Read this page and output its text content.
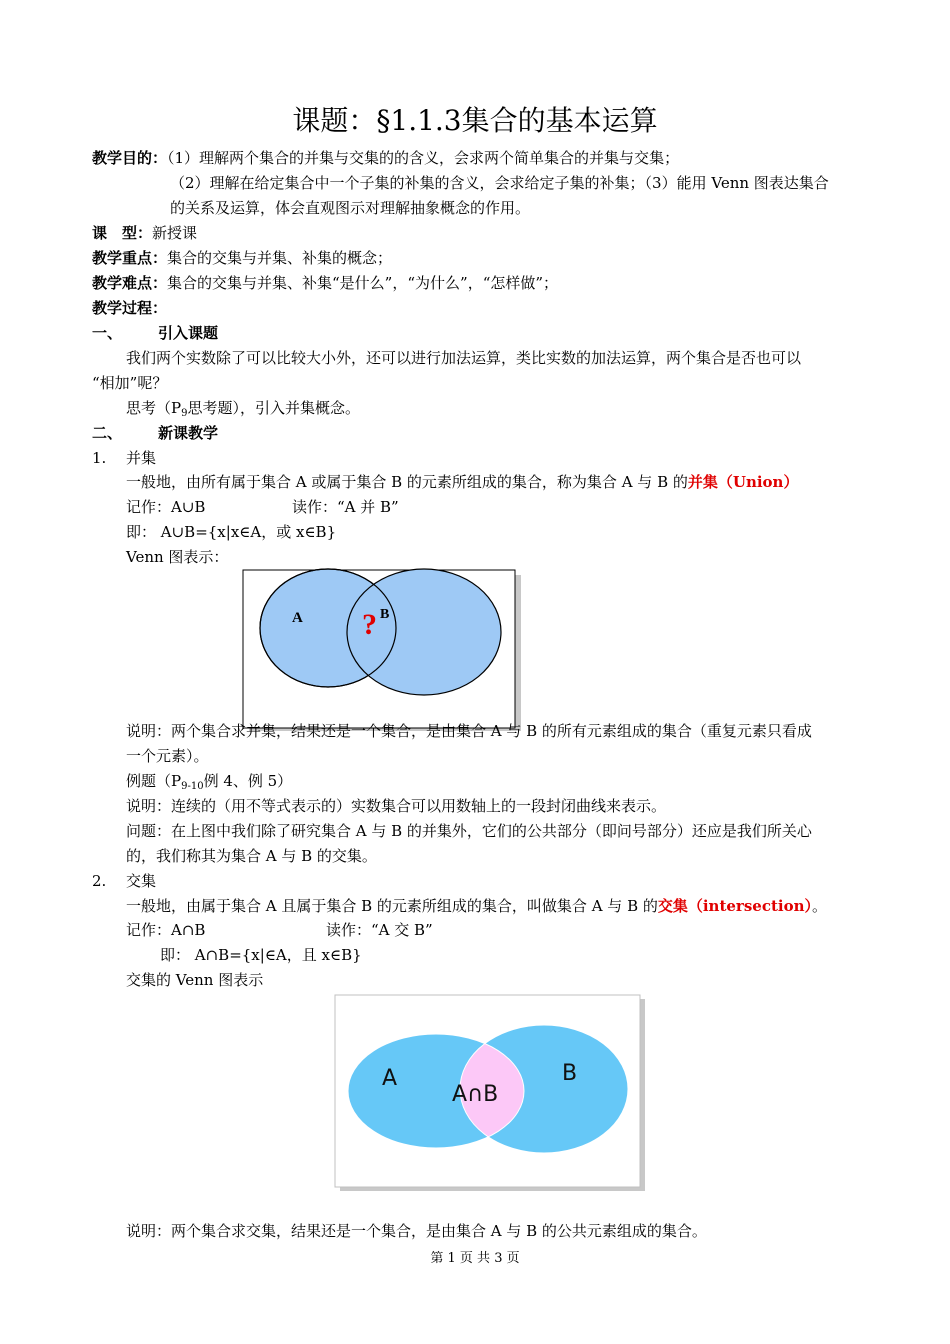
课题：§1.1.3集合的基本运算
教学目的：（1）理解两个集合的并集与交集的的含义，会求两个简单集合的并集与交集；
（2）理解在给定集合中一个子集的补集的含义，会求给定子集的补集；（3）能用 Venn 图表达集合
的关系及运算，体会直观图示对理解抽象概念的作用。
课　型：新授课
教学重点：集合的交集与并集、补集的概念；
教学难点：集合的交集与并集、补集“是什么”，“为什么”，“怎样做”；
教学过程：
一、 引入课题
我们两个实数除了可以比较大小外，还可以进行加法运算，类比实数的加法运算，两个集合是否也可以
“相加”呢？
思考（$P_9$思考题），引入并集概念。
二、 新课教学
1. 并集
一般地，由所有属于集合 A 或属于集合 B 的元素所组成的集合，称为集合 A 与 B 的并集（Union）
记作：A∪B	读作：“A 并 B”
即： A∪B={x|x∈A，或 x∈B}
Venn 图表示：
A	B
?
说明：两个集合求并集，结果还是一个集合，是由集合 A 与 B 的所有元素组成的集合（重复元素只看成
一个元素）。
例题（$P_{9-10}$例 4、例 5）
说明：连续的（用不等式表示的）实数集合可以用数轴上的一段封闭曲线来表示。
问题：在上图中我们除了研究集合 A 与 B 的并集外，它们的公共部分（即问号部分）还应是我们所关心
的，我们称其为集合 A 与 B 的交集。
2. 交集
一般地，由属于集合 A 且属于集合 B 的元素所组成的集合，叫做集合 A 与 B 的交集（intersection）。
记作：A∩B	读作：“A 交 B”
即： A∩B={x|∈A，且 x∈B}
交集的 Venn 图表示
A	B
A∩B
说明：两个集合求交集，结果还是一个集合，是由集合 A 与 B 的公共元素组成的集合。
第 1 页 共 3 页
